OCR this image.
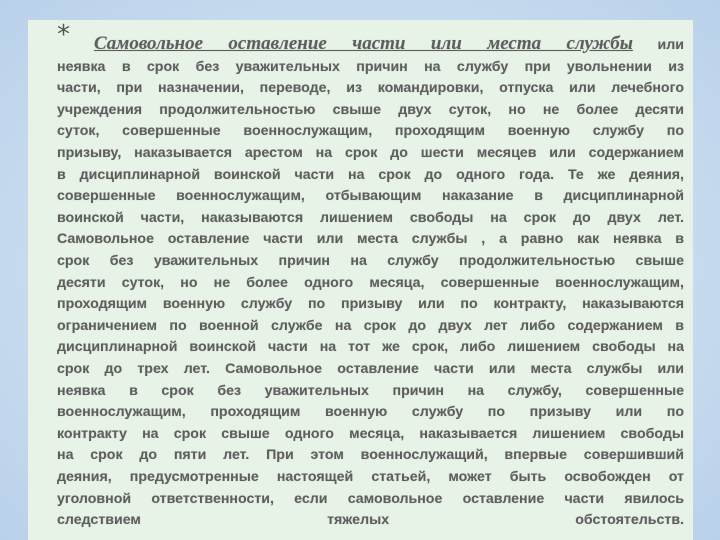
* Самовольное оставление части или места службы или
неявка в срок без уважительных причин на службу при увольнении из
части, при назначении, переводе, из командировки, отпуска или лечебного
учреждения продолжительностью свыше двух суток, но не более десяти
суток, совершенные военнослужащим, проходящим военную службу по
призыву, наказывается арестом на срок до шести месяцев или содержанием
в дисциплинарной воинской части на срок до одного года. Те же деяния,
совершенные военнослужащим, отбывающим наказание в дисциплинарной
воинской части, наказываются лишением свободы на срок до двух лет.
Самовольное оставление части или места службы , а равно как неявка в
срок без уважительных причин на службу продолжительностью свыше
десяти суток, но не более одного месяца, совершенные военнослужащим,
проходящим военную службу по призыву или по контракту, наказываются
ограничением по военной службе на срок до двух лет либо содержанием в
дисциплинарной воинской части на тот же срок, либо лишением свободы на
срок до трех лет. Самовольное оставление части или места службы или
неявка в срок без уважительных причин на службу, совершенные
военнослужащим, проходящим военную службу по призыву или по
контракту на срок свыше одного месяца, наказывается лишением свободы
на срок до пяти лет. При этом военнослужащий, впервые совершивший
деяния, предусмотренные настоящей статьей, может быть освобожден от
уголовной ответственности, если самовольное оставление части явилось
следствием тяжелых обстоятельств.
